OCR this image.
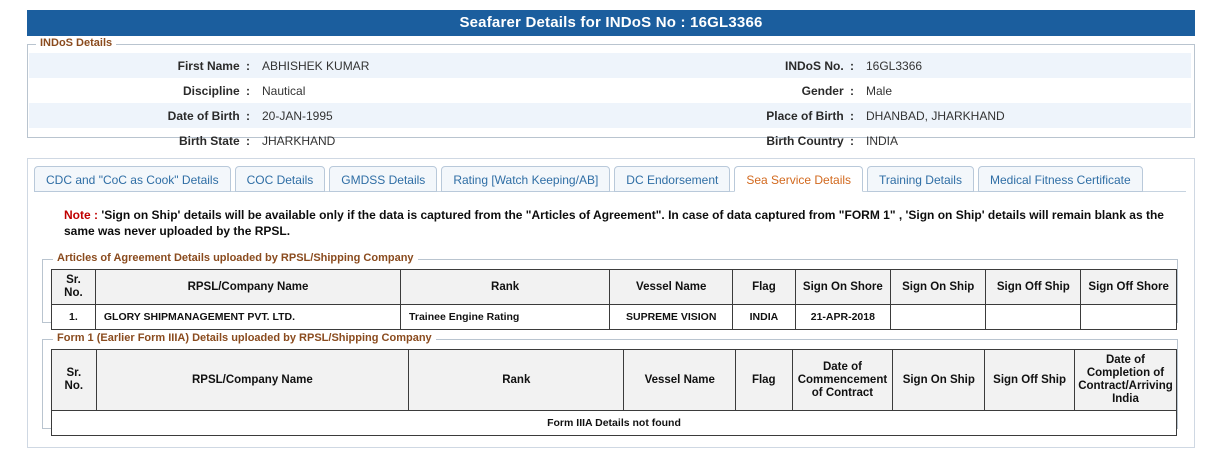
Seafarer Details for INDoS No : 16GL3366
INDoS Details
First Name :	ABHISHEK KUMAR	INDoS No. :	16GL3366
Discipline :	Nautical	Gender :	Male
Date of Birth :	20-JAN-1995	Place of Birth :	DHANBAD, JHARKHAND
Birth State :	JHARKHAND	Birth Country :	INDIA
CDC and "CoC as Cook" Details	COC Details	GMDSS Details	Rating [Watch Keeping/AB]	DC Endorsement	Sea Service Details	Training Details	Medical Fitness Certificate
Note : 'Sign on Ship' details will be available only if the data is captured from the "Articles of Agreement". In case of data captured from "FORM 1" , 'Sign on Ship' details will remain blank as the same was never uploaded by the RPSL.
Articles of Agreement Details uploaded by RPSL/Shipping Company
Sr.
No.	RPSL/Company Name	Rank	Vessel Name	Flag	Sign On Shore	Sign On Ship	Sign Off Ship	Sign Off Shore
1.	GLORY SHIPMANAGEMENT PVT. LTD.	Trainee Engine Rating	SUPREME VISION	INDIA	21-APR-2018			
Form 1 (Earlier Form IIIA) Details uploaded by RPSL/Shipping Company
Sr.
No.	RPSL/Company Name	Rank	Vessel Name	Flag	Date of Commencement of Contract	Sign On Ship	Sign Off Ship	Date of Completion of Contract/Arriving India
Form IIIA Details not found
